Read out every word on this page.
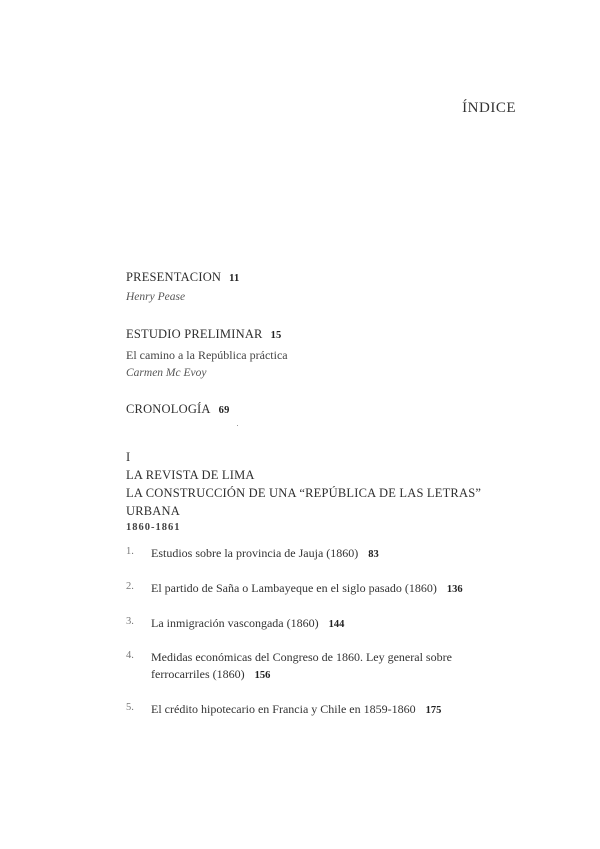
ÍNDICE
PRESENTACION 11
Henry Pease
ESTUDIO PRELIMINAR 15
El camino a la República práctica
Carmen Mc Evoy
CRONOLOGÍA 69
I
LA REVISTA DE LIMA
LA CONSTRUCCIÓN DE UNA “REPÚBLICA DE LAS LETRAS”
URBANA
1860-1861
1.	Estudios sobre la provincia de Jauja (1860) 83
2.	El partido de Saña o Lambayeque en el siglo pasado (1860) 136
3.	La inmigración vascongada (1860) 144
4.	Medidas económicas del Congreso de 1860. Ley general sobre
ferrocarriles (1860) 156
5.	El crédito hipotecario en Francia y Chile en 1859-1860 175
